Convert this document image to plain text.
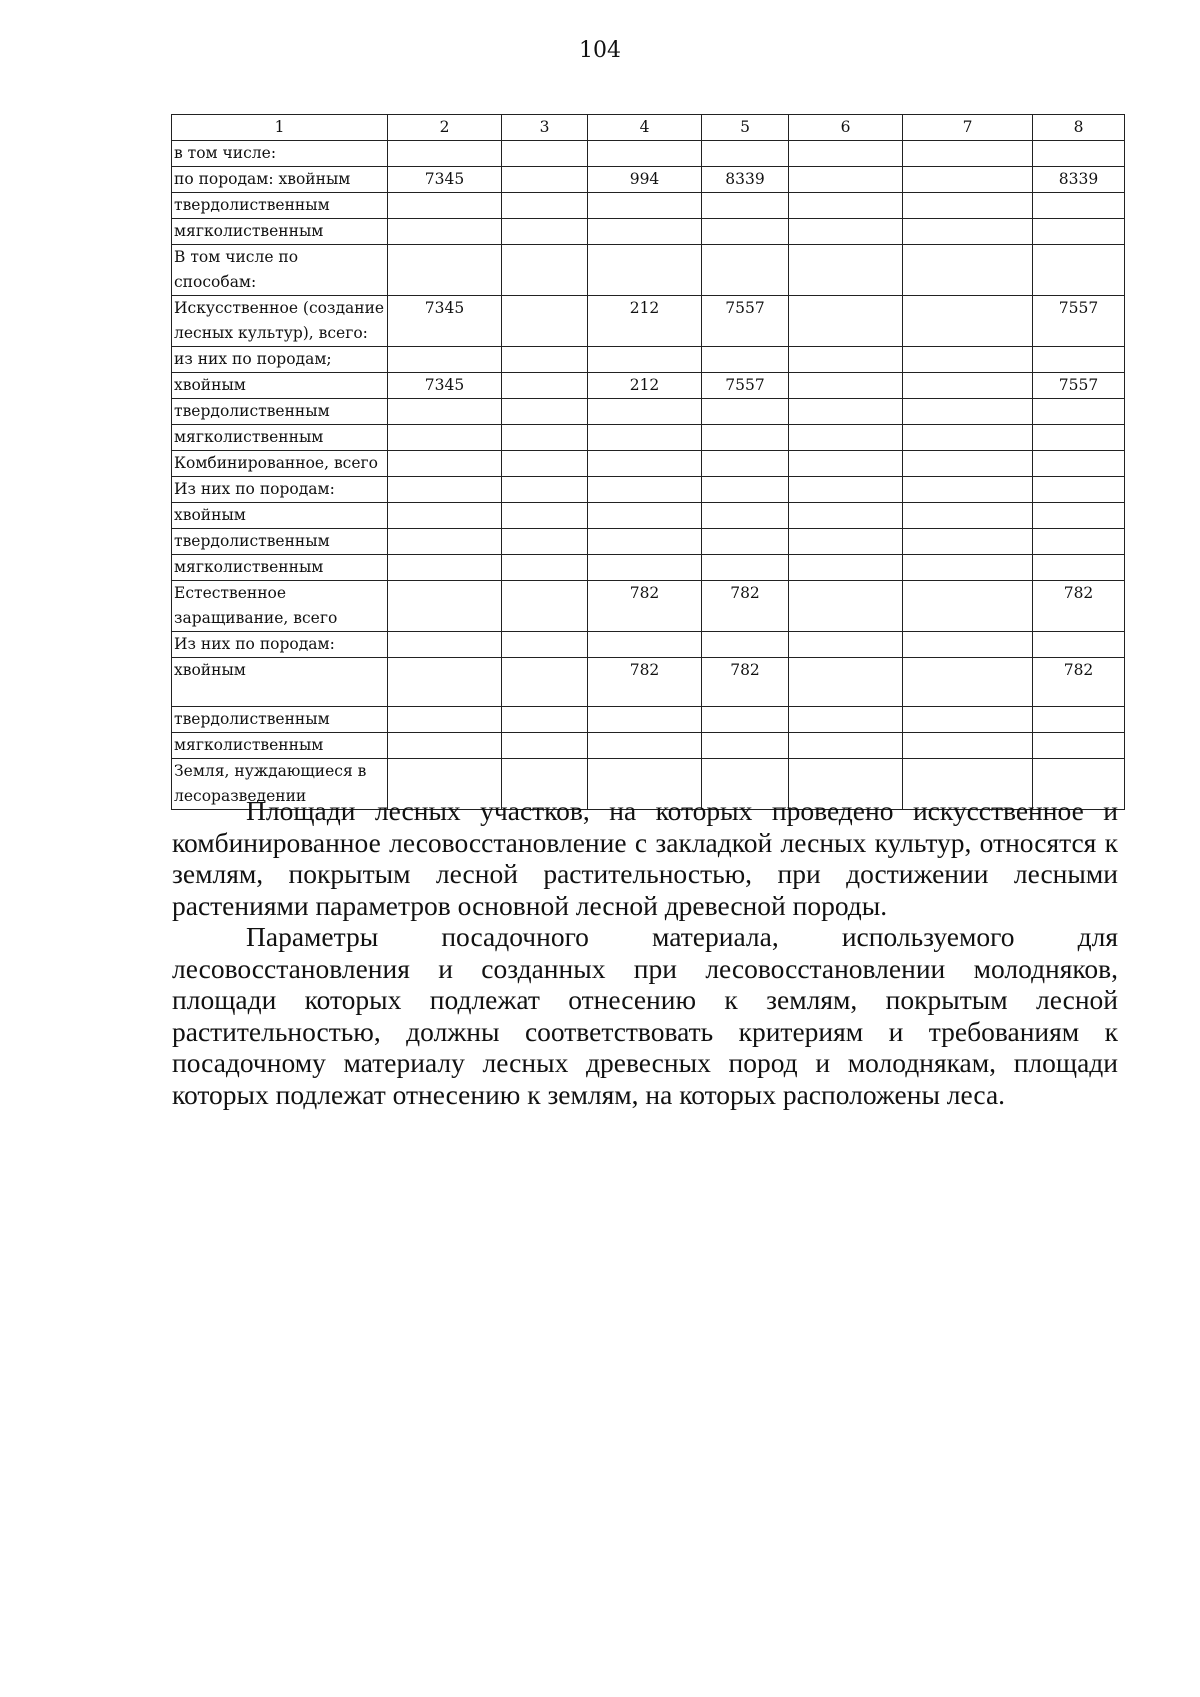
104
1	2	3	4	5	6	7	8
в том числе:							
по породам: хвойным	7345		994	8339			8339
твердолиственным							
мягколиственным							
В том числе по способам:							
Искусственное (создание лесных культур), всего:	7345		212	7557			7557
из них по породам;							
хвойным	7345		212	7557			7557
твердолиственным							
мягколиственным							
Комбинированное, всего							
Из них по породам:							
хвойным							
твердолиственным							
мягколиственным							
Естественное заращивание, всего			782	782			782
Из них по породам:							
хвойным			782	782			782
твердолиственным							
мягколиственным							
Земля, нуждающиеся в лесоразведении							

Площади лесных участков, на которых проведено искусственное и комбинированное лесовосстановление с закладкой лесных культур, относятся к землям, покрытым лесной растительностью, при достижении лесными растениями параметров основной лесной древесной породы.

Параметры посадочного материала, используемого для лесовосстановления и созданных при лесовосстановлении молодняков, площади которых подлежат отнесению к землям, покрытым лесной растительностью, должны соответствовать критериям и требованиям к посадочному материалу лесных древесных пород и молоднякам, площади которых подлежат отнесению к землям, на которых расположены леса.
